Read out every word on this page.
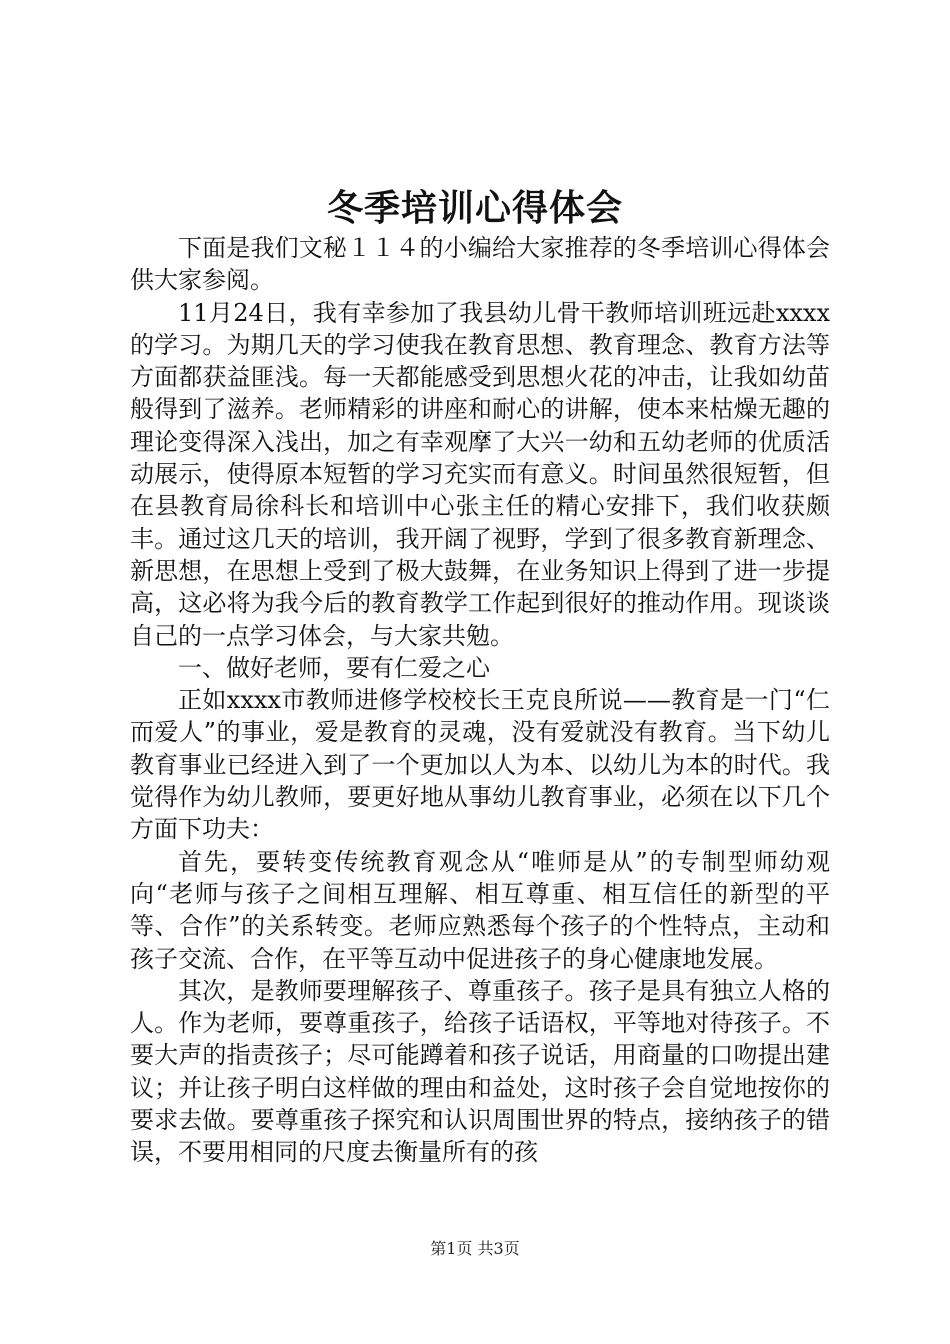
冬季培训心得体会

下面是我们文秘１１４的小编给大家推荐的冬季培训心得体会供大家参阅。

11月24日，我有幸参加了我县幼儿骨干教师培训班远赴xxxx的学习。为期几天的学习使我在教育思想、教育理念、教育方法等方面都获益匪浅。每一天都能感受到思想火花的冲击，让我如幼苗般得到了滋养。老师精彩的讲座和耐心的讲解，使本来枯燥无趣的理论变得深入浅出，加之有幸观摩了大兴一幼和五幼老师的优质活动展示，使得原本短暂的学习充实而有意义。时间虽然很短暂，但在县教育局徐科长和培训中心张主任的精心安排下，我们收获颇丰。通过这几天的培训，我开阔了视野，学到了很多教育新理念、新思想，在思想上受到了极大鼓舞，在业务知识上得到了进一步提高，这必将为我今后的教育教学工作起到很好的推动作用。现谈谈自己的一点学习体会，与大家共勉。

一、做好老师，要有仁爱之心

正如xxxx市教师进修学校校长王克良所说——教育是一门“仁而爱人”的事业，爱是教育的灵魂，没有爱就没有教育。当下幼儿教育事业已经进入到了一个更加以人为本、以幼儿为本的时代。我觉得作为幼儿教师，要更好地从事幼儿教育事业，必须在以下几个方面下功夫：

首先，要转变传统教育观念从“唯师是从”的专制型师幼观向“老师与孩子之间相互理解、相互尊重、相互信任的新型的平等、合作”的关系转变。老师应熟悉每个孩子的个性特点，主动和孩子交流、合作，在平等互动中促进孩子的身心健康地发展。

其次，是教师要理解孩子、尊重孩子。孩子是具有独立人格的人。作为老师，要尊重孩子，给孩子话语权，平等地对待孩子。不要大声的指责孩子；尽可能蹲着和孩子说话，用商量的口吻提出建议；并让孩子明白这样做的理由和益处，这时孩子会自觉地按你的要求去做。要尊重孩子探究和认识周围世界的特点，接纳孩子的错误，不要用相同的尺度去衡量所有的孩

第1页 共3页
